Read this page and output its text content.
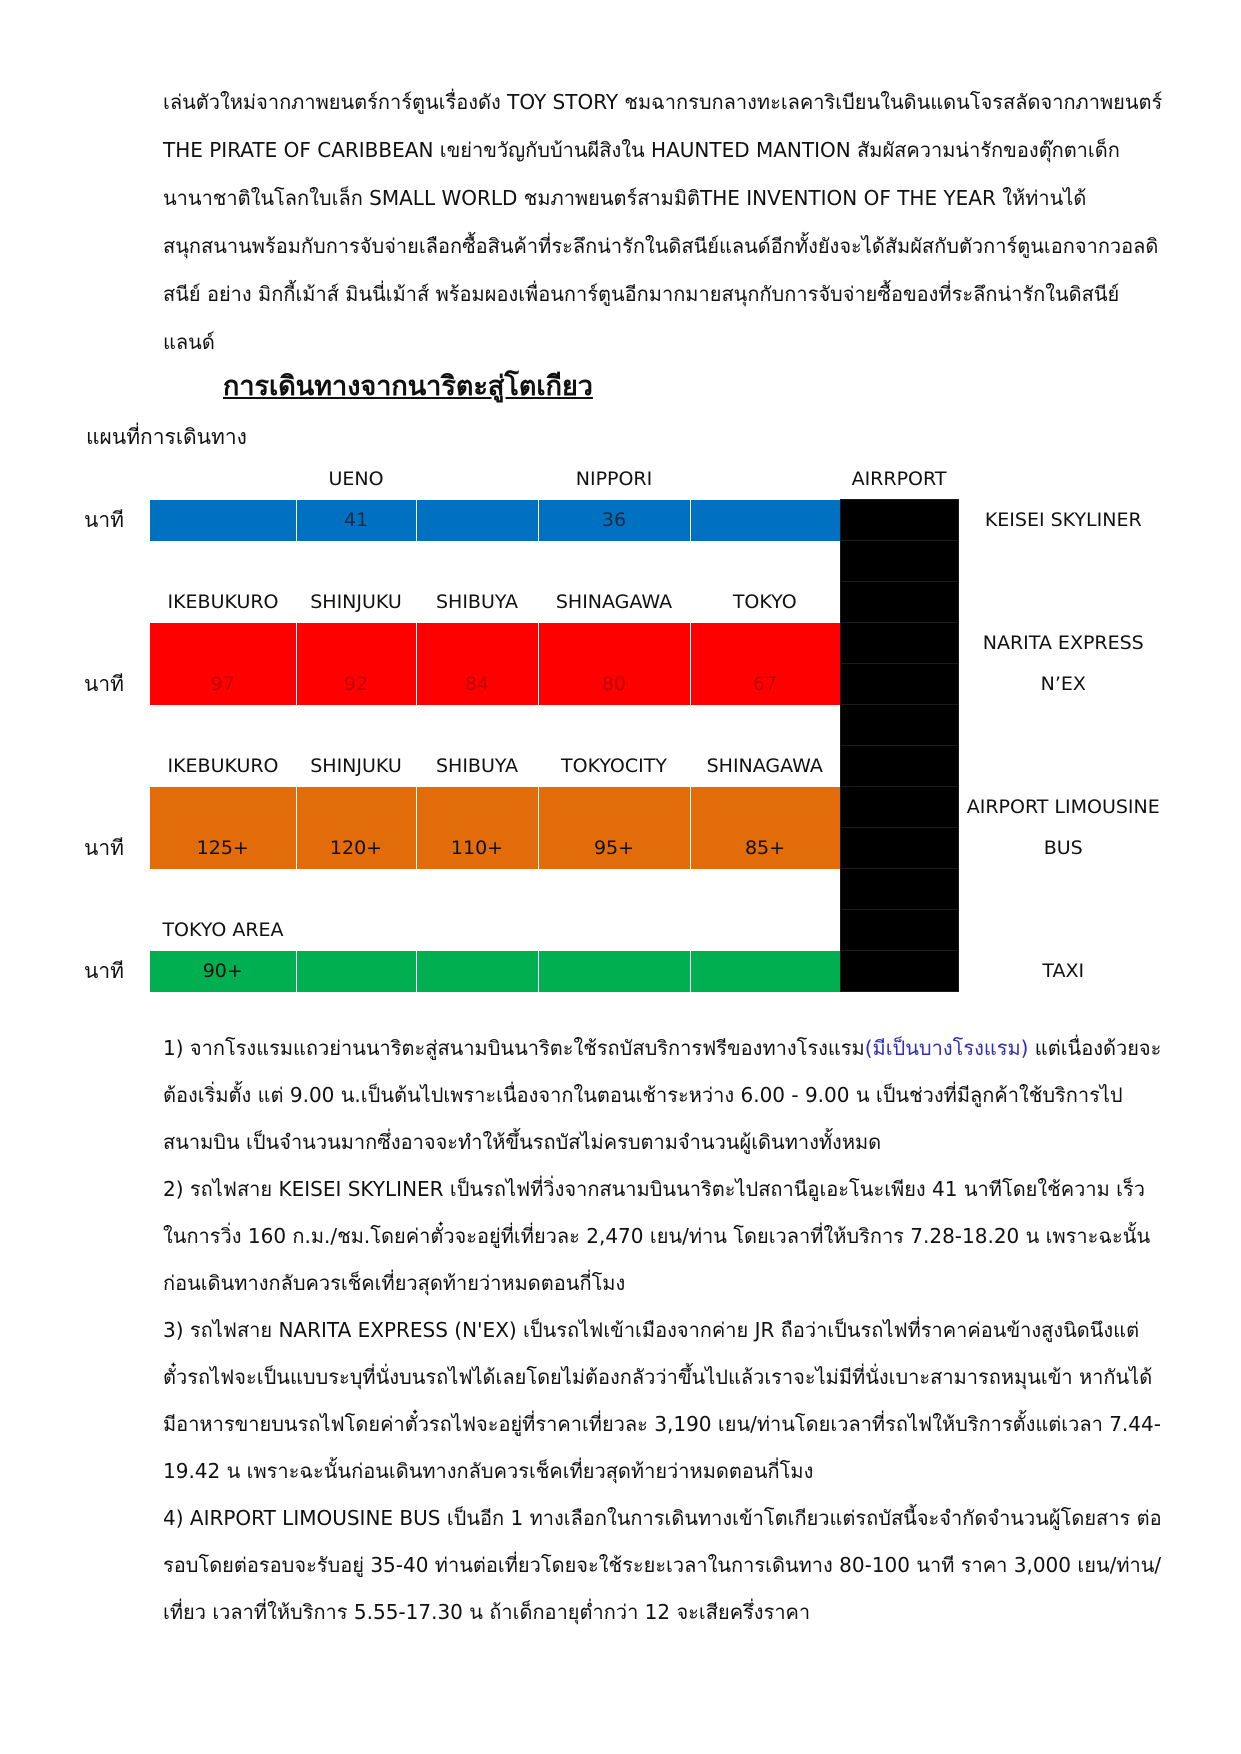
เล่นตัวใหม่จากภาพยนตร์การ์ตูนเรื่องดัง TOY STORY ชมฉากรบกลางทะเลคาริเบียนในดินแดนโจรสลัดจากภาพยนตร์ THE PIRATE OF CARIBBEAN เขย่าขวัญกับบ้านผีสิงใน HAUNTED MANTION สัมผัสความน่ารักของตุ๊กตาเด็กนานาชาติในโลกใบเล็ก SMALL WORLD ชมภาพยนตร์สามมิติTHE INVENTION OF THE YEAR ให้ท่านได้สนุกสนานพร้อมกับการจับจ่ายเลือกซื้อสินค้าที่ระลึกน่ารักในดิสนีย์แลนด์อีกทั้งยังจะได้สัมผัสกับตัวการ์ตูนเอกจากวอลดิสนีย์ อย่าง มิกกี้เม้าส์ มินนี่เม้าส์ พร้อมผองเพื่อนการ์ตูนอีกมากมายสนุกกับการจับจ่ายซื้อของที่ระลึกน่ารักในดิสนีย์แลนด์

การเดินทางจากนาริตะสู่โตเกียว
แผนที่การเดินทาง
		UENO		NIPPORI		AIRRPORT	
นาที		41		36			KEISEI SKYLINER

	IKEBUKURO	SHINJUKU	SHIBUYA	SHINAGAWA	TOKYO		
							NARITA EXPRESS
นาที	97	92	84	80	67		N’EX

	IKEBUKURO	SHINJUKU	SHIBUYA	TOKYOCITY	SHINAGAWA		
							AIRPORT LIMOUSINE
นาที	125+	120+	110+	95+	85+		BUS

	TOKYO AREA						
นาที	90+						TAXI

1) จากโรงแรมแถวย่านนาริตะสู่สนามบินนาริตะใช้รถบัสบริการฟรีของทางโรงแรม(มีเป็นบางโรงแรม) แต่เนื่องด้วยจะต้องเริ่มตั้ง แต่ 9.00 น.เป็นต้นไปเพราะเนื่องจากในตอนเช้าระหว่าง 6.00 - 9.00 น เป็นช่วงที่มีลูกค้าใช้บริการไปสนามบิน เป็นจำนวนมากซึ่งอาจจะทำให้ขึ้นรถบัสไม่ครบตามจำนวนผู้เดินทางทั้งหมด

2) รถไฟสาย KEISEI SKYLINER เป็นรถไฟที่วิ่งจากสนามบินนาริตะไปสถานีอูเอะโนะเพียง 41 นาทีโดยใช้ความ เร็วในการวิ่ง 160 ก.ม./ชม.โดยค่าตั๋วจะอยู่ที่เที่ยวละ 2,470 เยน/ท่าน โดยเวลาที่ให้บริการ 7.28-18.20 น เพราะฉะนั้นก่อนเดินทางกลับควรเช็คเที่ยวสุดท้ายว่าหมดตอนกี่โมง

3) รถไฟสาย NARITA EXPRESS (N'EX) เป็นรถไฟเข้าเมืองจากค่าย JR ถือว่าเป็นรถไฟที่ราคาค่อนข้างสูงนิดนึงแต่ตั๋วรถไฟจะเป็นแบบระบุที่นั่งบนรถไฟได้เลยโดยไม่ต้องกลัวว่าขึ้นไปแล้วเราจะไม่มีที่นั่งเบาะสามารถหมุนเข้า หากันได้มีอาหารขายบนรถไฟโดยค่าตั๋วรถไฟจะอยู่ที่ราคาเที่ยวละ 3,190 เยน/ท่านโดยเวลาที่รถไฟให้บริการตั้งแต่เวลา 7.44-19.42 น เพราะฉะนั้นก่อนเดินทางกลับควรเช็คเที่ยวสุดท้ายว่าหมดตอนกี่โมง

4) AIRPORT LIMOUSINE BUS เป็นอีก 1 ทางเลือกในการเดินทางเข้าโตเกียวแต่รถบัสนี้จะจำกัดจำนวนผู้โดยสาร ต่อรอบโดยต่อรอบจะรับอยู่ 35-40 ท่านต่อเที่ยวโดยจะใช้ระยะเวลาในการเดินทาง 80-100 นาที ราคา 3,000 เยน/ท่าน/เที่ยว เวลาที่ให้บริการ 5.55-17.30 น ถ้าเด็กอายุต่ำกว่า 12 จะเสียครึ่งราคา
